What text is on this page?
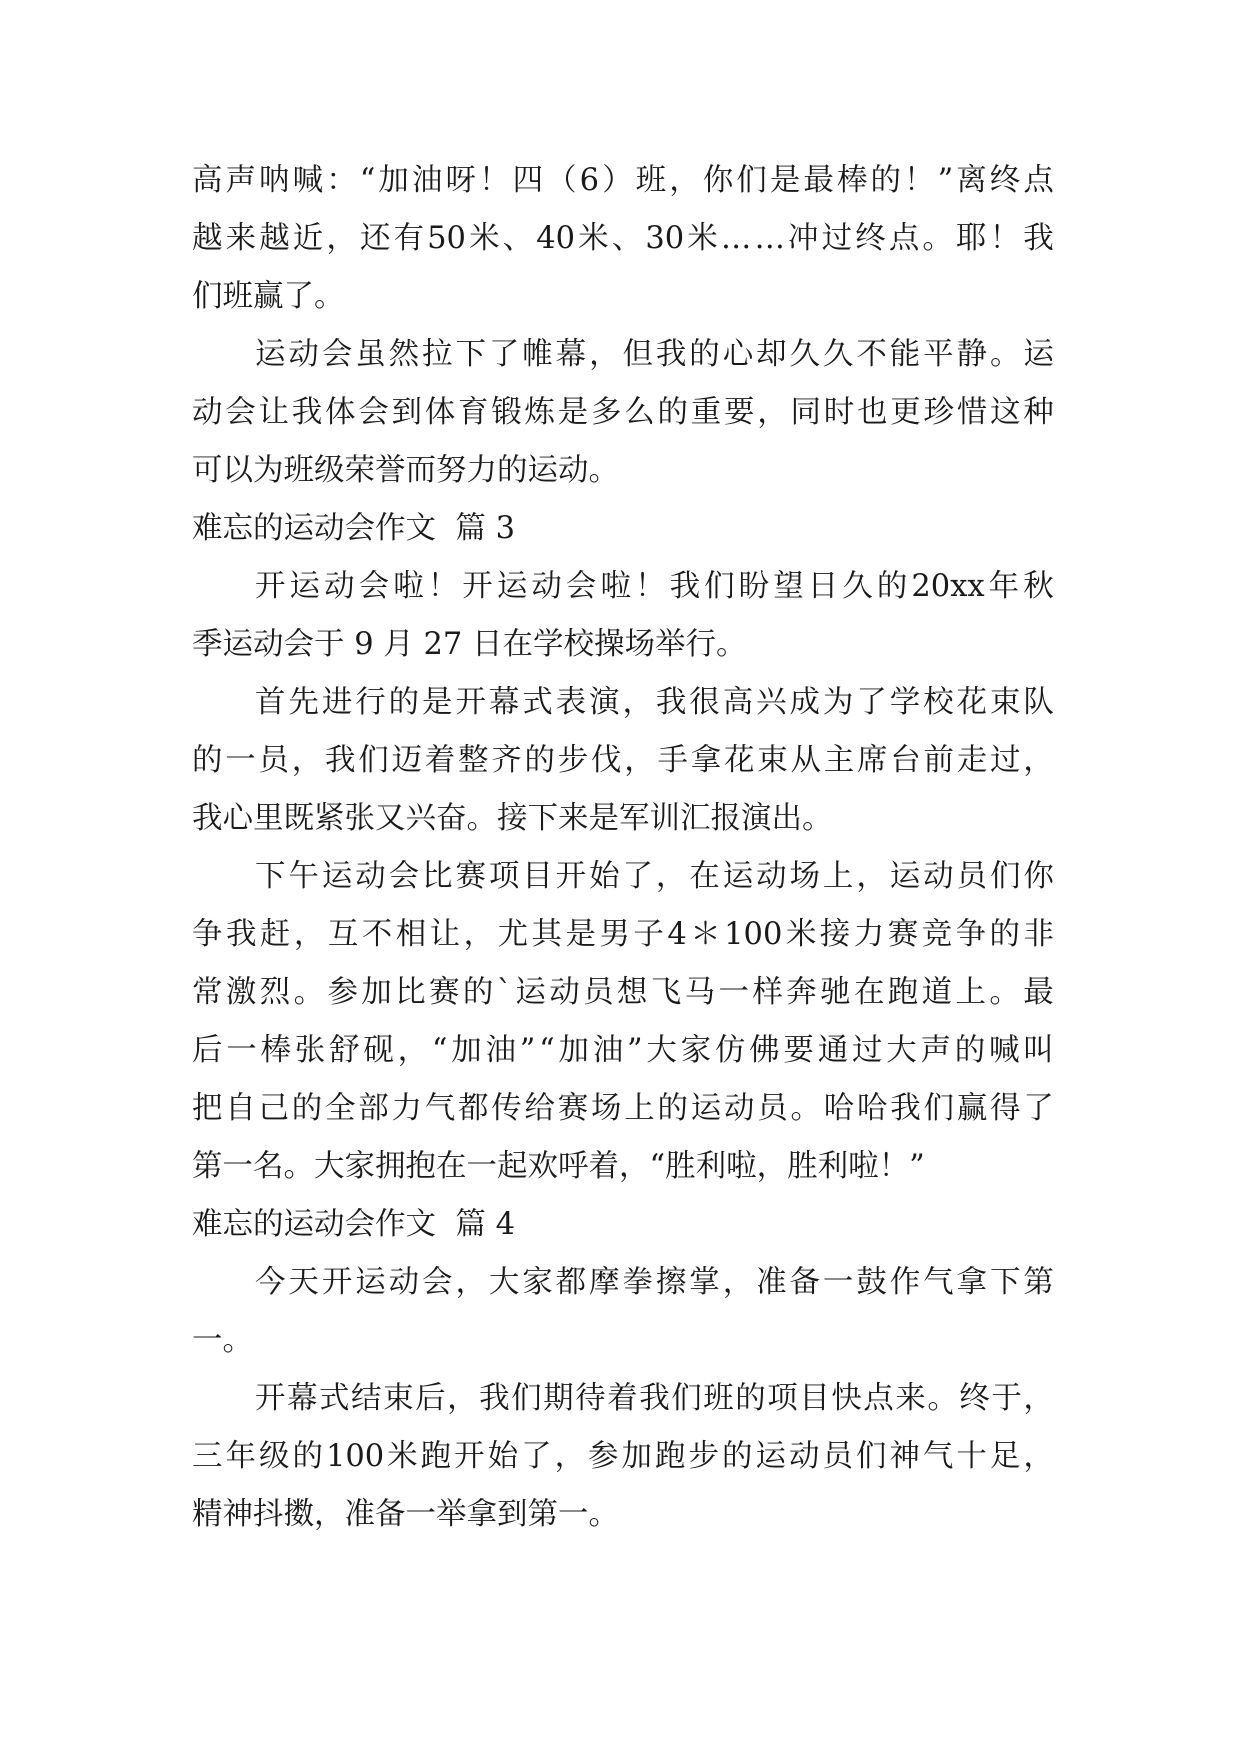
高 声 呐 喊 ： “ 加 油 呀 ！ 四 （ 6 ） 班 ， 你 们 是 最 棒 的 ！ ” 离 终 点
越 来 越 近 ， 还 有 50 米 、 40 米 、 30 米 … … 冲 过 终 点 。 耶 ！ 我
们班赢了。
运 动 会 虽 然 拉 下 了 帷 幕 ， 但 我 的 心 却 久 久 不 能 平 静 。 运
动 会 让 我 体 会 到 体 育 锻 炼 是 多 么 的 重 要 ， 同 时 也 更 珍 惜 这 种
可以为班级荣誉而努力的运动。
难忘的运动会作文  篇 3
开 运 动 会 啦 ！ 开 运 动 会 啦 ！ 我 们 盼 望 日 久 的 20xx 年 秋
季运动会于 9 月 27 日在学校操场举行。
首 先 进 行 的 是 开 幕 式 表 演 ， 我 很 高 兴 成 为 了 学 校 花 束 队
的 一 员 ， 我 们 迈 着 整 齐 的 步 伐 ， 手 拿 花 束 从 主 席 台 前 走 过 ，
我心里既紧张又兴奋。接下来是军训汇报演出。
下 午 运 动 会 比 赛 项 目 开 始 了 ， 在 运 动 场 上 ， 运 动 员 们 你
争 我 赶 ， 互 不 相 让 ， 尤 其 是 男 子 4 ＊ 100 米 接 力 赛 竞 争 的 非
常 激 烈 。 参 加 比 赛 的 ` 运 动 员 想 飞 马 一 样 奔 驰 在 跑 道 上 。 最
后 一 棒 张 舒 砚 ， “ 加 油 ” “ 加 油 ” 大 家 仿 佛 要 通 过 大 声 的 喊 叫
把 自 己 的 全 部 力 气 都 传 给 赛 场 上 的 运 动 员 。 哈 哈 我 们 赢 得 了
第一名。大家拥抱在一起欢呼着，“胜利啦，胜利啦！”
难忘的运动会作文  篇 4
今 天 开 运 动 会 ， 大 家 都 摩 拳 擦 掌 ， 准 备 一 鼓 作 气 拿 下 第
一。
开 幕 式 结 束 后 ， 我 们 期 待 着 我 们 班 的 项 目 快 点 来 。 终 于 ，
三 年 级 的 100 米 跑 开 始 了 ， 参 加 跑 步 的 运 动 员 们 神 气 十 足 ，
精神抖擞，准备一举拿到第一。
